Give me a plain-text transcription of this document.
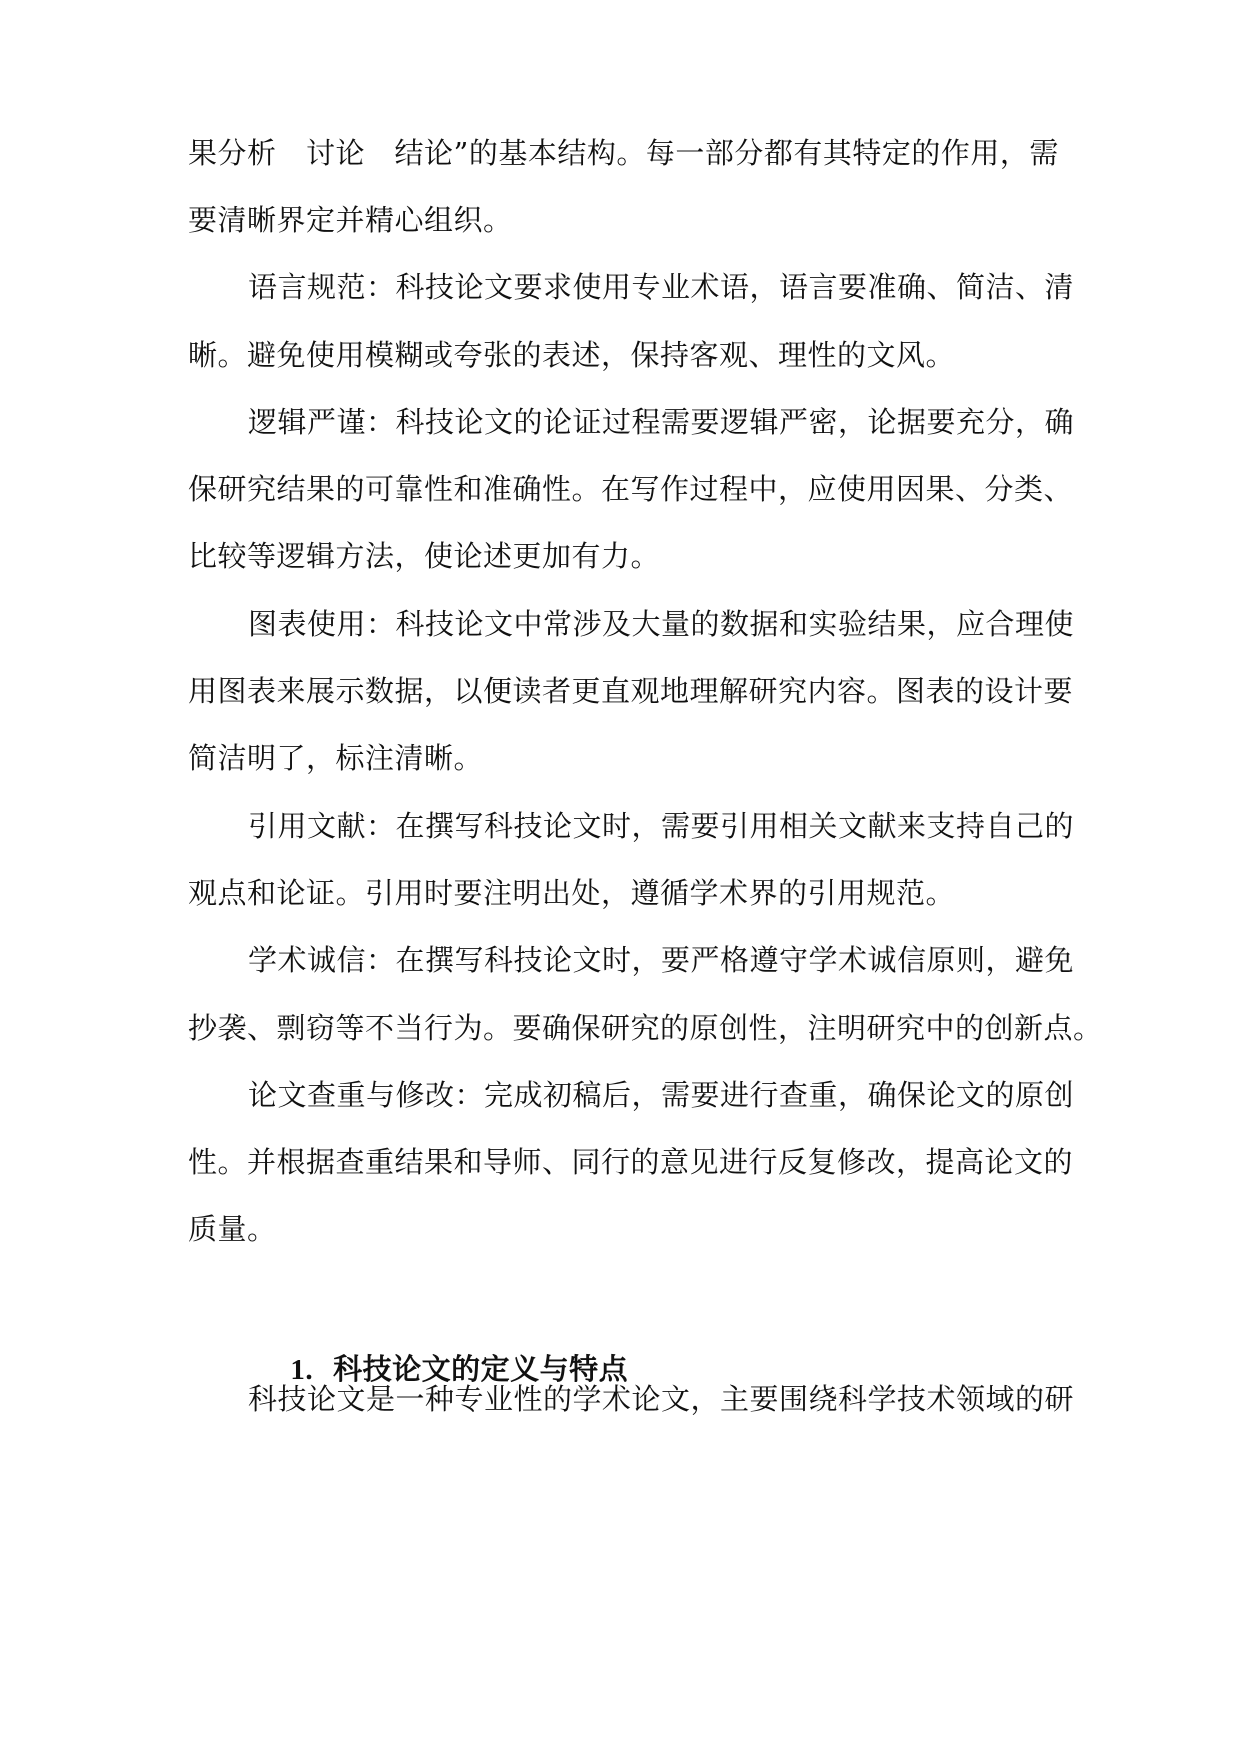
果分析　讨论　结论”的基本结构。每一部分都有其特定的作用，需
要清晰界定并精心组织。
语言规范：科技论文要求使用专业术语，语言要准确、简洁、清
晰。避免使用模糊或夸张的表述，保持客观、理性的文风。
逻辑严谨：科技论文的论证过程需要逻辑严密，论据要充分，确
保研究结果的可靠性和准确性。在写作过程中，应使用因果、分类、
比较等逻辑方法，使论述更加有力。
图表使用：科技论文中常涉及大量的数据和实验结果，应合理使
用图表来展示数据，以便读者更直观地理解研究内容。图表的设计要
简洁明了，标注清晰。
引用文献：在撰写科技论文时，需要引用相关文献来支持自己的
观点和论证。引用时要注明出处，遵循学术界的引用规范。
学术诚信：在撰写科技论文时，要严格遵守学术诚信原则，避免
抄袭、剽窃等不当行为。要确保研究的原创性，注明研究中的创新点。
论文查重与修改：完成初稿后，需要进行查重，确保论文的原创
性。并根据查重结果和导师、同行的意见进行反复修改，提高论文的
质量。

1. 科技论文的定义与特点

科技论文是一种专业性的学术论文，主要围绕科学技术领域的研
